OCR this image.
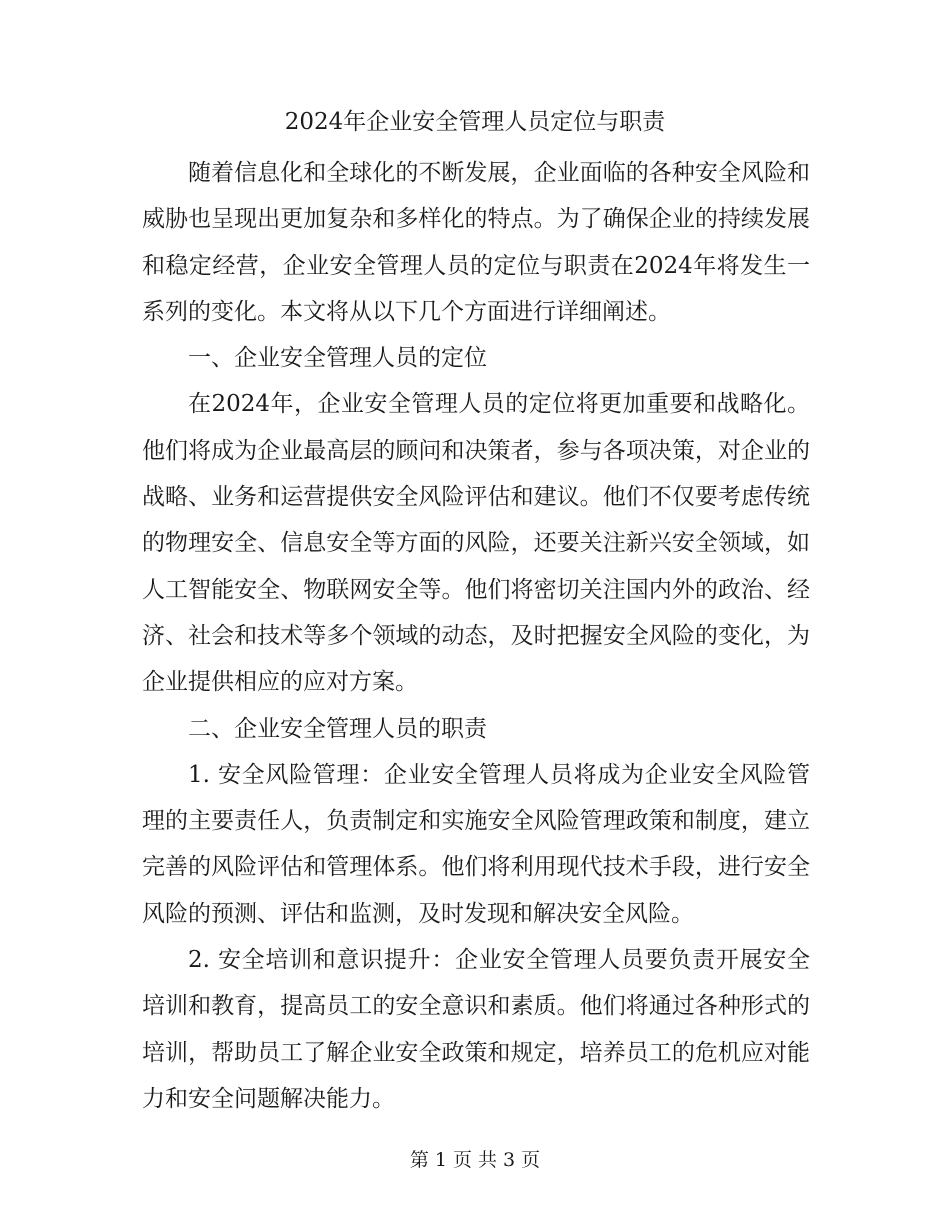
2024年企业安全管理人员定位与职责

随着信息化和全球化的不断发展，企业面临的各种安全风险和威胁也呈现出更加复杂和多样化的特点。为了确保企业的持续发展和稳定经营，企业安全管理人员的定位与职责在2024年将发生一系列的变化。本文将从以下几个方面进行详细阐述。

一、企业安全管理人员的定位

在2024年，企业安全管理人员的定位将更加重要和战略化。他们将成为企业最高层的顾问和决策者，参与各项决策，对企业的战略、业务和运营提供安全风险评估和建议。他们不仅要考虑传统的物理安全、信息安全等方面的风险，还要关注新兴安全领域，如人工智能安全、物联网安全等。他们将密切关注国内外的政治、经济、社会和技术等多个领域的动态，及时把握安全风险的变化，为企业提供相应的应对方案。

二、企业安全管理人员的职责

1. 安全风险管理：企业安全管理人员将成为企业安全风险管理的主要责任人，负责制定和实施安全风险管理政策和制度，建立完善的风险评估和管理体系。他们将利用现代技术手段，进行安全风险的预测、评估和监测，及时发现和解决安全风险。

2. 安全培训和意识提升：企业安全管理人员要负责开展安全培训和教育，提高员工的安全意识和素质。他们将通过各种形式的培训，帮助员工了解企业安全政策和规定，培养员工的危机应对能力和安全问题解决能力。

第 1 页 共 3 页
